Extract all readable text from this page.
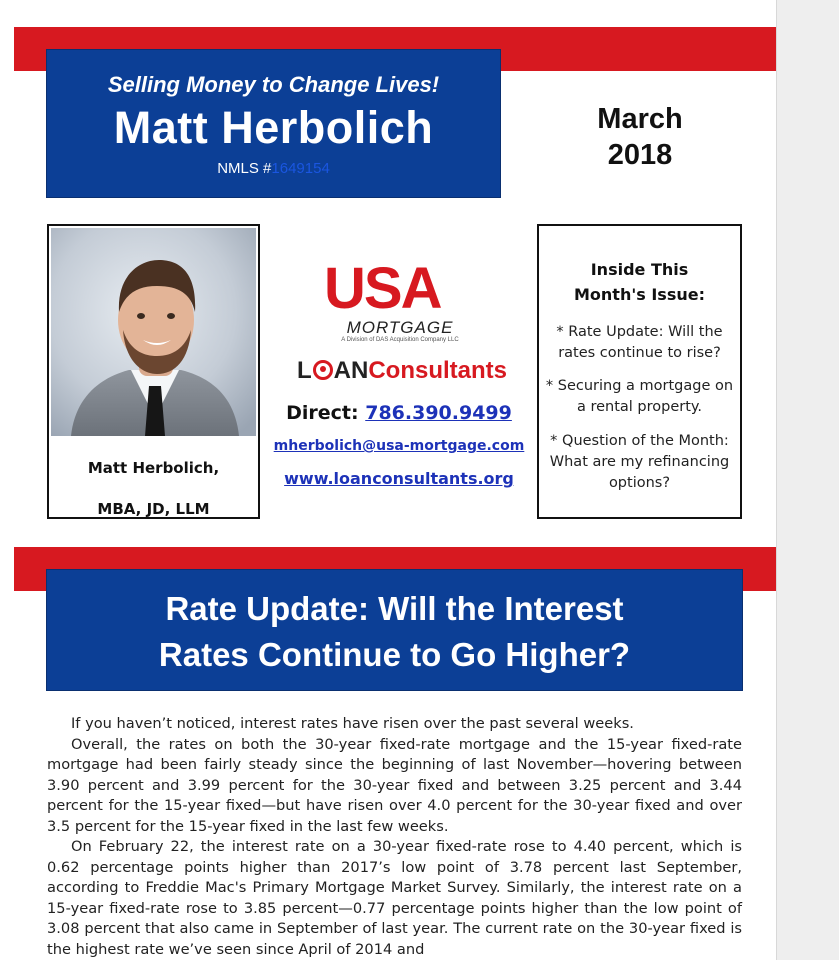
Selling Money to Change Lives!
Matt Herbolich
NMLS #1649154
March
2018
Matt Herbolich,
MBA, JD, LLM
USA
MORTGAGE
A Division of DAS Acquisition Company LLC
L ANConsultants
Direct: 786.390.9499
mherbolich@usa-mortgage.com
www.loanconsultants.org
Inside This
Month's Issue:
* Rate Update: Will the rates continue to rise?
* Securing a mortgage on a rental property.
* Question of the Month: What are my refinancing options?
Rate Update: Will the Interest
Rates Continue to Go Higher?

If you haven’t noticed, interest rates have risen over the past several weeks.

Overall, the rates on both the 30-year fixed-rate mortgage and the 15-year fixed-rate mortgage had been fairly steady since the beginning of last November—hovering between 3.90 percent and 3.99 percent for the 30-year fixed and between 3.25 percent and 3.44 percent for the 15-year fixed—but have risen over 4.0 percent for the 30-year fixed and over 3.5 percent for the 15-year fixed in the last few weeks.

On February 22, the interest rate on a 30-year fixed-rate rose to 4.40 percent, which is 0.62 percentage points higher than 2017’s low point of 3.78 percent last September, according to Freddie Mac's Primary Mortgage Market Survey. Similarly, the interest rate on a 15-year fixed-rate rose to 3.85 percent—0.77 percentage points higher than the low point of 3.08 percent that also came in September of last year. The current rate on the 30-year fixed is the highest rate we’ve seen since April of 2014 and
